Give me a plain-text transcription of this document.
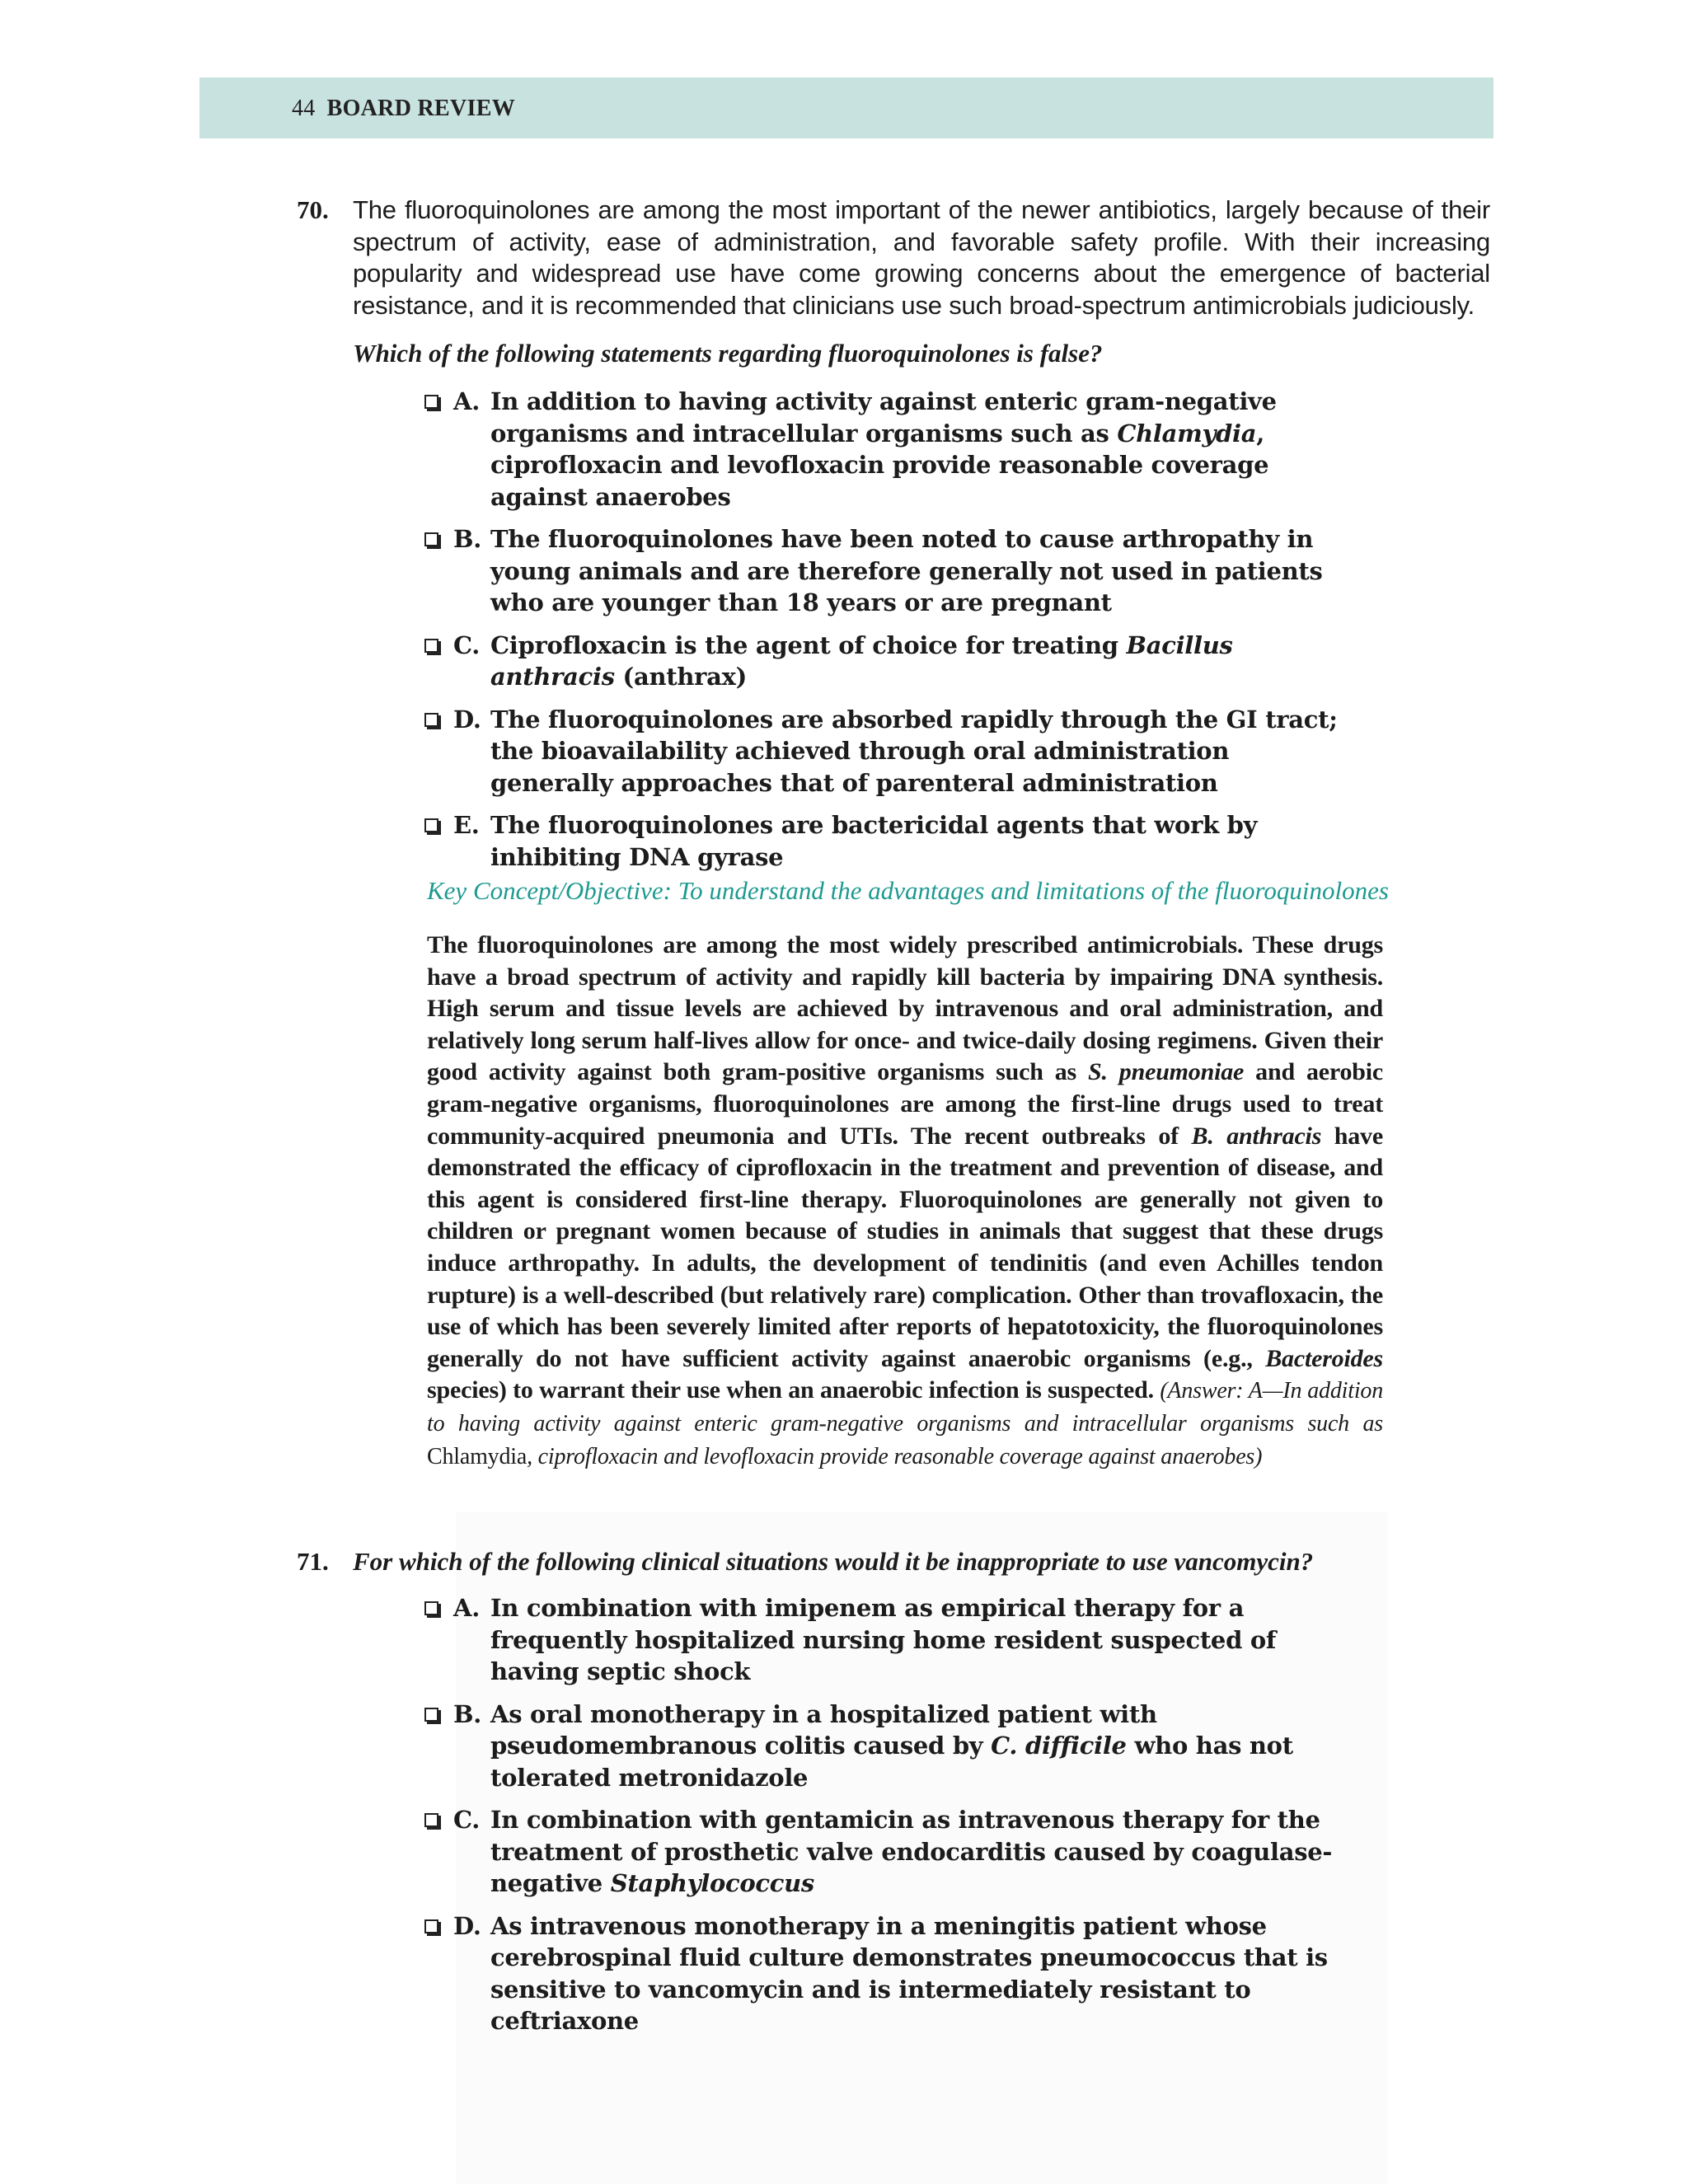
44 BOARD REVIEW
70. The fluoroquinolones are among the most important of the newer antibiotics, largely because of their spectrum of activity, ease of administration, and favorable safety profile. With their increasing popularity and widespread use have come growing concerns about the emergence of bacterial resistance, and it is recommended that clinicians use such broad-spectrum antimicrobials judiciously.
Which of the following statements regarding fluoroquinolones is false?
A. In addition to having activity against enteric gram-negative organisms and intracellular organisms such as Chlamydia, ciprofloxacin and levofloxacin provide reasonable coverage against anaerobes
B. The fluoroquinolones have been noted to cause arthropathy in young animals and are therefore generally not used in patients who are younger than 18 years or are pregnant
C. Ciprofloxacin is the agent of choice for treating Bacillus anthracis (anthrax)
D. The fluoroquinolones are absorbed rapidly through the GI tract; the bioavailability achieved through oral administration generally approaches that of parenteral administration
E. The fluoroquinolones are bactericidal agents that work by inhibiting DNA gyrase
Key Concept/Objective: To understand the advantages and limitations of the fluoroquinolones
The fluoroquinolones are among the most widely prescribed antimicrobials. These drugs have a broad spectrum of activity and rapidly kill bacteria by impairing DNA synthesis. High serum and tissue levels are achieved by intravenous and oral administration, and relatively long serum half-lives allow for once- and twice-daily dosing regimens. Given their good activity against both gram-positive organisms such as S. pneumoniae and aerobic gram-negative organisms, fluoroquinolones are among the first-line drugs used to treat community-acquired pneumonia and UTIs. The recent outbreaks of B. anthracis have demonstrated the efficacy of ciprofloxacin in the treatment and prevention of disease, and this agent is considered first-line therapy. Fluoroquinolones are generally not given to children or pregnant women because of studies in animals that suggest that these drugs induce arthropathy. In adults, the development of tendinitis (and even Achilles tendon rupture) is a well-described (but relatively rare) complication. Other than trovafloxacin, the use of which has been severely limited after reports of hepatotoxicity, the fluoroquinolones generally do not have sufficient activity against anaerobic organisms (e.g., Bacteroides species) to warrant their use when an anaerobic infection is suspected. (Answer: A—In addition to having activity against enteric gram-negative organisms and intracellular organisms such as Chlamydia, ciprofloxacin and levofloxacin provide reasonable coverage against anaerobes)
71. For which of the following clinical situations would it be inappropriate to use vancomycin?
A. In combination with imipenem as empirical therapy for a frequently hospitalized nursing home resident suspected of having septic shock
B. As oral monotherapy in a hospitalized patient with pseudomembranous colitis caused by C. difficile who has not tolerated metronidazole
C. In combination with gentamicin as intravenous therapy for the treatment of prosthetic valve endocarditis caused by coagulase-negative Staphylococcus
D. As intravenous monotherapy in a meningitis patient whose cerebrospinal fluid culture demonstrates pneumococcus that is sensitive to vancomycin and is intermediately resistant to ceftriaxone
